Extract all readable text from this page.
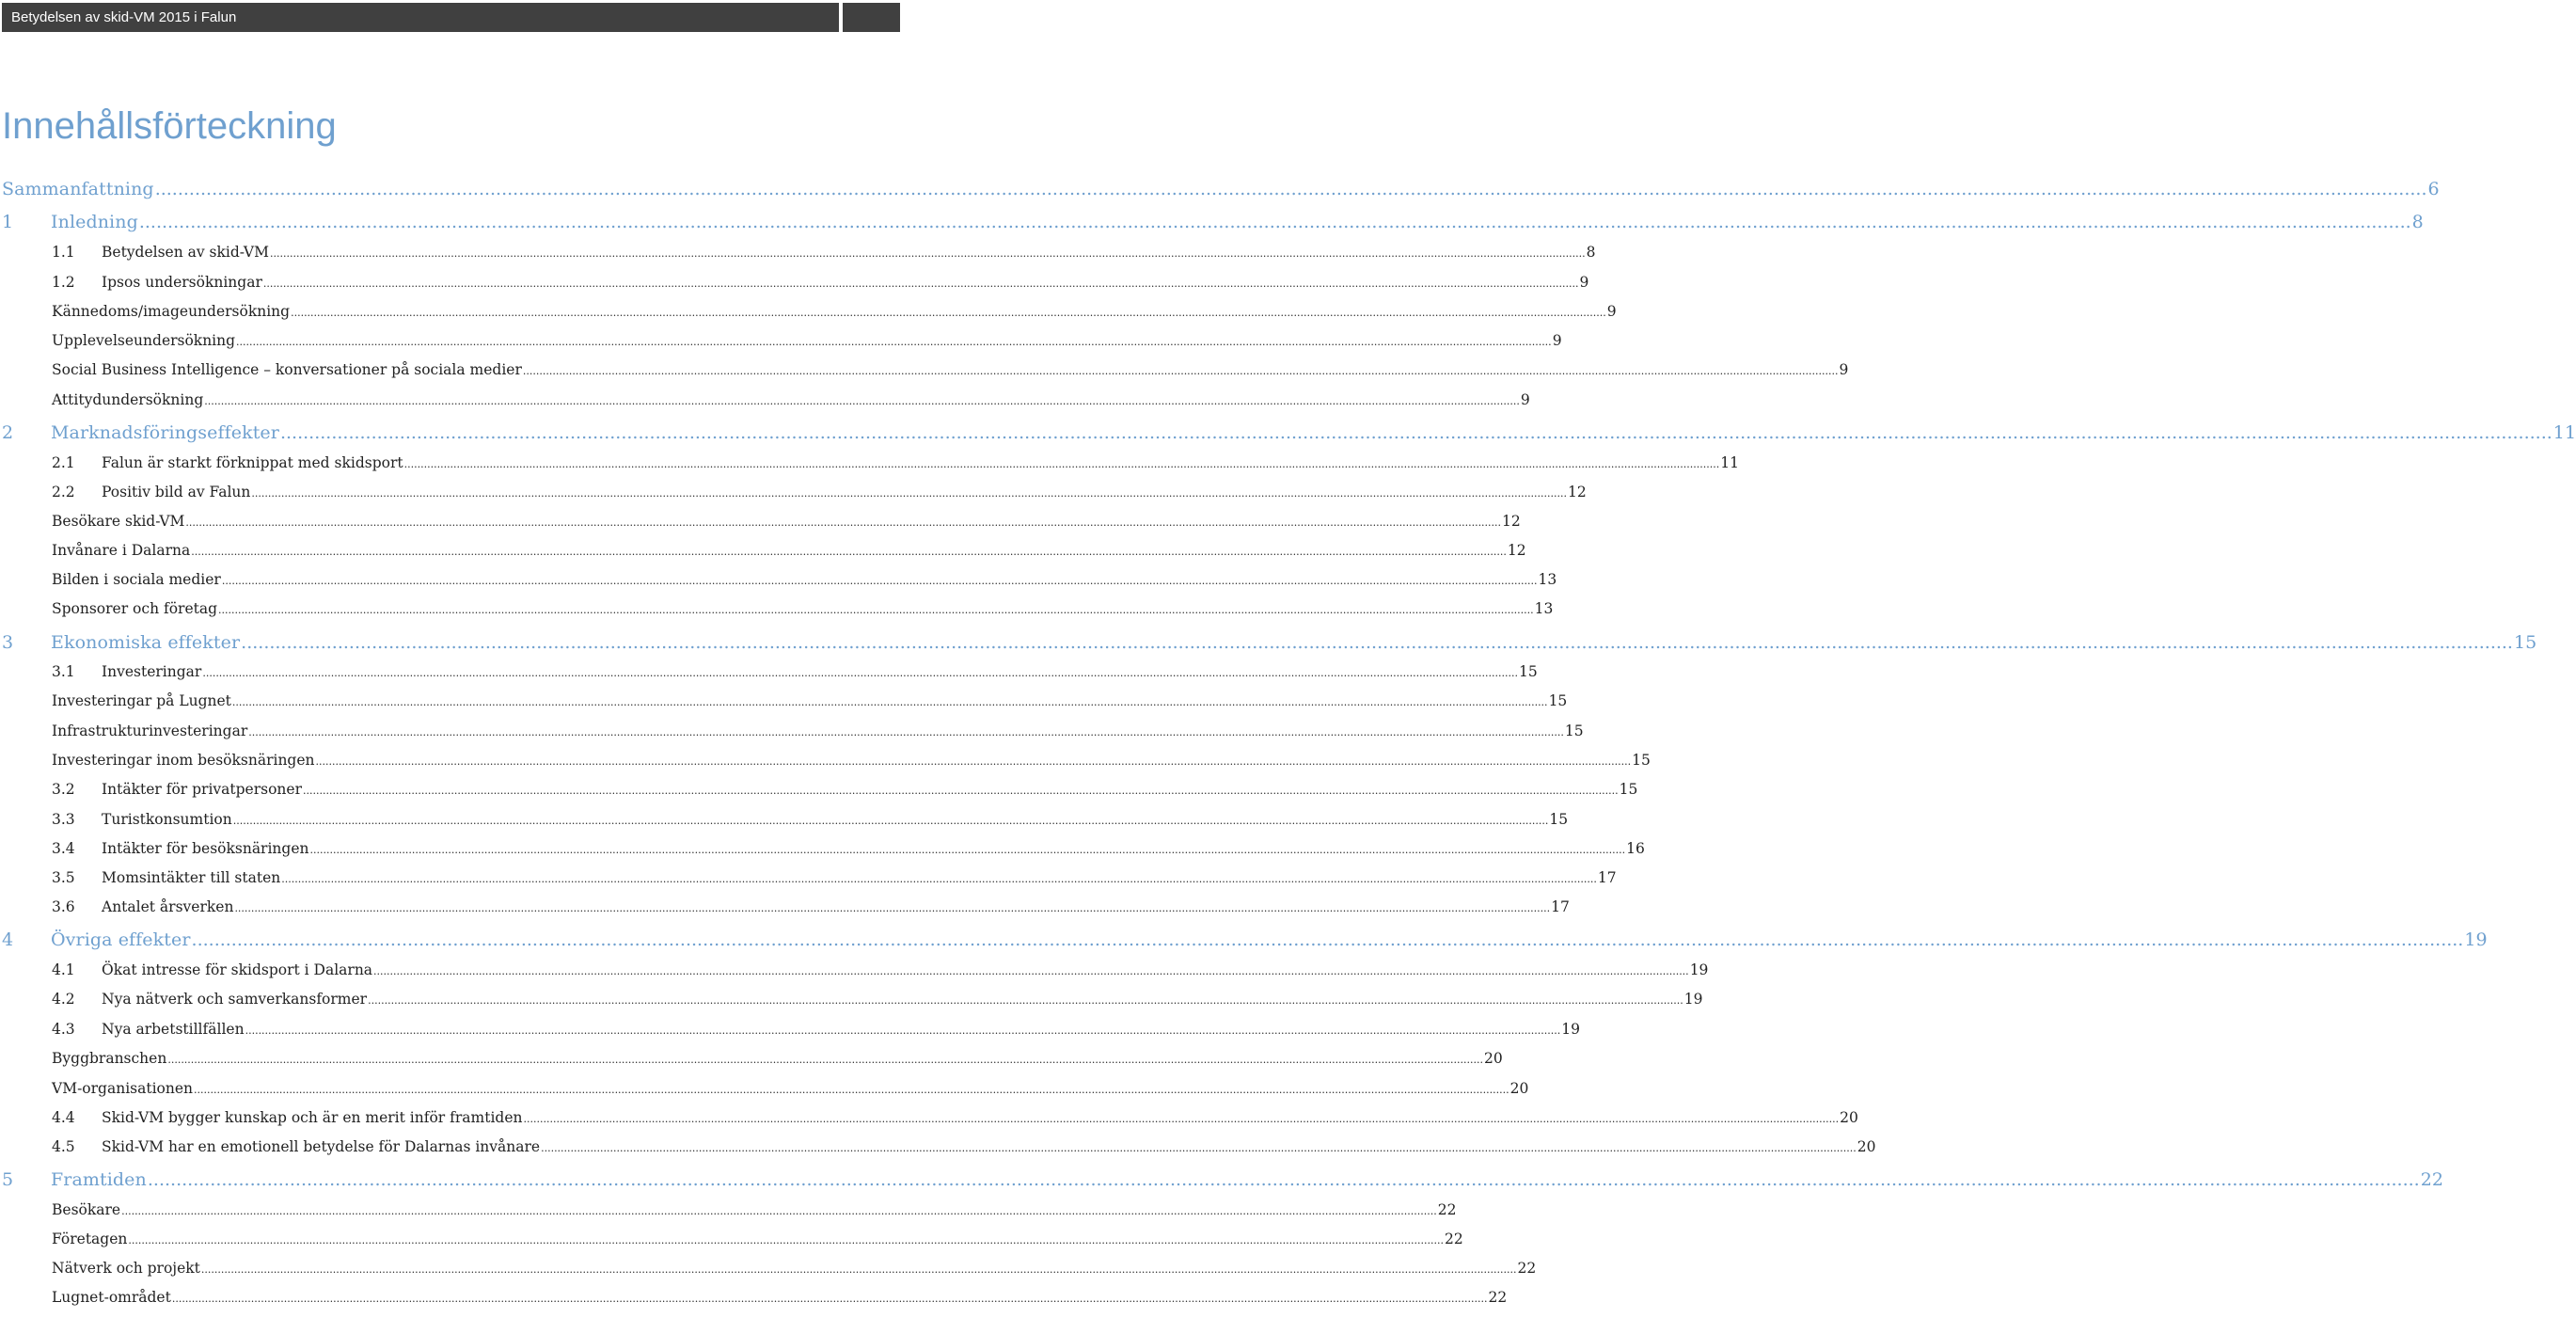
Betydelsen av skid-VM 2015 i Falun
Innehållsförteckning
Sammanfattning ................................................................................................................................................................................................................................................................................................................................................................................................................ 6
1	Inledning ................................................................................................................................................................................................................................................................................................................................................................................................................ 8
1.1	Betydelsen av skid-VM ................................................................................................................................................................................................................................................................................................................................................................................................................ 8
1.2	Ipsos undersökningar ................................................................................................................................................................................................................................................................................................................................................................................................................ 9
Kännedoms/imageundersökning ................................................................................................................................................................................................................................................................................................................................................................................................................ 9
Upplevelseundersökning ................................................................................................................................................................................................................................................................................................................................................................................................................ 9
Social Business Intelligence – konversationer på sociala medier ................................................................................................................................................................................................................................................................................................................................................................................................................ 9
Attitydundersökning ................................................................................................................................................................................................................................................................................................................................................................................................................ 9
2	Marknadsföringseffekter ................................................................................................................................................................................................................................................................................................................................................................................................................ 11
2.1	Falun är starkt förknippat med skidsport ................................................................................................................................................................................................................................................................................................................................................................................................................ 11
2.2	Positiv bild av Falun ................................................................................................................................................................................................................................................................................................................................................................................................................ 12
Besökare skid-VM ................................................................................................................................................................................................................................................................................................................................................................................................................ 12
Invånare i Dalarna ................................................................................................................................................................................................................................................................................................................................................................................................................ 12
Bilden i sociala medier ................................................................................................................................................................................................................................................................................................................................................................................................................ 13
Sponsorer och företag ................................................................................................................................................................................................................................................................................................................................................................................................................ 13
3	Ekonomiska effekter ................................................................................................................................................................................................................................................................................................................................................................................................................ 15
3.1	Investeringar ................................................................................................................................................................................................................................................................................................................................................................................................................ 15
Investeringar på Lugnet ................................................................................................................................................................................................................................................................................................................................................................................................................ 15
Infrastrukturinvesteringar ................................................................................................................................................................................................................................................................................................................................................................................................................ 15
Investeringar inom besöksnäringen ................................................................................................................................................................................................................................................................................................................................................................................................................ 15
3.2	Intäkter för privatpersoner ................................................................................................................................................................................................................................................................................................................................................................................................................ 15
3.3	Turistkonsumtion ................................................................................................................................................................................................................................................................................................................................................................................................................ 15
3.4	Intäkter för besöksnäringen ................................................................................................................................................................................................................................................................................................................................................................................................................ 16
3.5	Momsintäkter till staten ................................................................................................................................................................................................................................................................................................................................................................................................................ 17
3.6	Antalet årsverken ................................................................................................................................................................................................................................................................................................................................................................................................................ 17
4	Övriga effekter ................................................................................................................................................................................................................................................................................................................................................................................................................ 19
4.1	Ökat intresse för skidsport i Dalarna ................................................................................................................................................................................................................................................................................................................................................................................................................ 19
4.2	Nya nätverk och samverkansformer ................................................................................................................................................................................................................................................................................................................................................................................................................ 19
4.3	Nya arbetstillfällen ................................................................................................................................................................................................................................................................................................................................................................................................................ 19
Byggbranschen ................................................................................................................................................................................................................................................................................................................................................................................................................ 20
VM-organisationen ................................................................................................................................................................................................................................................................................................................................................................................................................ 20
4.4	Skid-VM bygger kunskap och är en merit inför framtiden ................................................................................................................................................................................................................................................................................................................................................................................................................ 20
4.5	Skid-VM har en emotionell betydelse för Dalarnas invånare ................................................................................................................................................................................................................................................................................................................................................................................................................ 20
5	Framtiden ................................................................................................................................................................................................................................................................................................................................................................................................................ 22
Besökare ................................................................................................................................................................................................................................................................................................................................................................................................................ 22
Företagen ................................................................................................................................................................................................................................................................................................................................................................................................................ 22
Nätverk och projekt ................................................................................................................................................................................................................................................................................................................................................................................................................ 22
Lugnet-området ................................................................................................................................................................................................................................................................................................................................................................................................................ 22
